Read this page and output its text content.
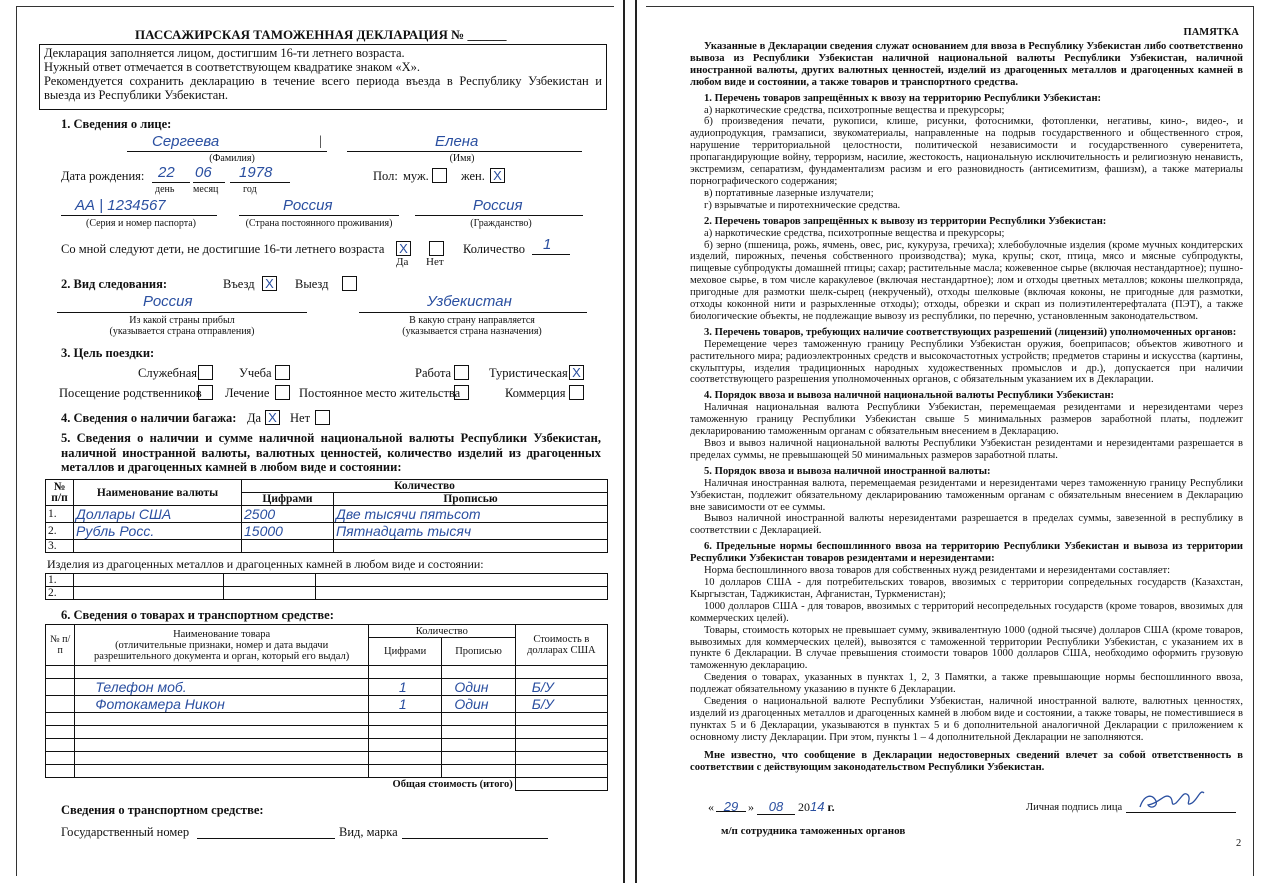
ПАССАЖИРСКАЯ ТАМОЖЕННАЯ ДЕКЛАРАЦИЯ № ______
Декларация заполняется лицом, достигшим 16-ти летнего возраста.
Нужный ответ отмечается в соответствующем квадратике знаком «Х».
Рекомендуется сохранить декларацию в течение всего периода въезда в Республику Узбекистан и выезда из Республики Узбекистан.
1. Сведения о лице:
Сергеева	|	Елена
(Фамилия)	(Имя)
Дата рождения: 22 06 1978
день месяц год
Пол: муж.	жен. X
АА | 1234567	Россия	Россия
(Серия и номер паспорта)	(Страна постоянного проживания)	(Гражданство)
Со мной следуют дети, не достигшие 16-ти летнего возраста X
Да Нет
Количество 1
2. Вид следования:	Въезд X Выезд
Россия	Узбекистан
Из какой страны прибыл
(указывается страна отправления)
В какую страну направляется
(указывается страна назначения)
3. Цель поездки:
Служебная	Учеба	Работа	Туристическая X
Посещение родственников Лечение Постоянное место жительства	Коммерция
4. Сведения о наличии багажа: Да X Нет
5. Сведения о наличии и сумме наличной национальной валюты Республики Узбекистан, наличной иностранной валюты, валютных ценностей, количество изделий из драгоценных металлов и драгоценных камней в любом виде и состоянии:
№ п/п	Наименование валюты	Количество	
		Цифрами	Прописью
1.	Доллары США	2500	Две тысячи пятьсот
2.	Рубль Росс.	15000	Пятнадцать тысяч
3.			
Изделия из драгоценных металлов и драгоценных камней в любом виде и состоянии:
1.			
2.			
6. Сведения о товарах и транспортном средстве:
№ п/п	Наименование товара
(отличительные признаки, номер и дата выдачи разрешительного документа и орган, который его выдал)	Количество		Стоимость в долларах США
		Цифрами	Прописью	

	Телефон моб.	1	Один	Б/У
	Фотокамера Никон	1	Один	Б/У

Общая стоимость (итого)				
Сведения о транспортном средстве:
Государственный номер	Вид, марка
ПАМЯТКА

Указанные в Декларации сведения служат основанием для ввоза в Республику Узбекистан либо соответственно вывоза из Республики Узбекистан наличной национальной валюты Республики Узбекистан, наличной иностранной валюты, других валютных ценностей, изделий из драгоценных металлов и драгоценных камней в любом виде и состоянии, а также товаров и транспортного средства.

1. Перечень товаров запрещённых к ввозу на территорию Республики Узбекистан:

а) наркотические средства, психотропные вещества и прекурсоры;

б) произведения печати, рукописи, клише, рисунки, фотоснимки, фотопленки, негативы, кино-, видео-, и аудиопродукция, грамзаписи, звукоматериалы, направленные на подрыв государственного и общественного строя, нарушение территориальной целостности, политической независимости и государственного суверенитета, пропагандирующие войну, терроризм, насилие, жестокость, национальную исключительность и религиозную ненависть, экстремизм, сепаратизм, фундаментализм расизм и его разновидность (антисемитизм, фашизм), а также материалы порнографического содержания;

в) портативные лазерные излучатели;

г) взрывчатые и пиротехнические средства.

2. Перечень товаров запрещённых к вывозу из территории Республики Узбекистан:

а) наркотические средства, психотропные вещества и прекурсоры;

б) зерно (пшеница, рожь, ячмень, овес, рис, кукуруза, гречиха); хлебобулочные изделия (кроме мучных кондитерских изделий, пирожных, печенья собственного производства); мука, крупы; скот, птица, мясо и мясные субпродукты, пищевые субпродукты домашней птицы; сахар; растительные масла; кожевенное сырье (включая нестандартное); пушно-меховое сырье, в том числе каракулевое (включая нестандартное); лом и отходы цветных металлов; коконы шелкопряда, пригодные для размотки шелк-сырец (некрученый), отходы шелковые (включая коконы, не пригодные для размотки, отходы коконной нити и разрыхленные отходы); отходы, обрезки и скрап из полиэтилентерефталата (ПЭТ), а также биологические объекты, не подлежащие вывозу из республики, по перечню, установленным законодательством.

3. Перечень товаров, требующих наличие соответствующих разрешений (лицензий) уполномоченных органов:

Перемещение через таможенную границу Республики Узбекистан оружия, боеприпасов; объектов животного и растительного мира; радиоэлектронных средств и высокочастотных устройств; предметов старины и искусства (картины, скульптуры, изделия традиционных народных художественных промыслов и др.), допускается при наличии соответствующего разрешения уполномоченных органов, с обязательным указанием их в Декларации.

4. Порядок ввоза и вывоза наличной национальной валюты Республики Узбекистан:

Наличная национальная валюта Республики Узбекистан, перемещаемая резидентами и нерезидентами через таможенную границу Республики Узбекистан свыше 5 минимальных размеров заработной платы, подлежит декларированию таможенным органам с обязательным внесением в Декларацию.

Ввоз и вывоз наличной национальной валюты Республики Узбекистан резидентами и нерезидентами разрешается в пределах суммы, не превышающей 50 минимальных размеров заработной платы.

5. Порядок ввоза и вывоза наличной иностранной валюты:

Наличная иностранная валюта, перемещаемая резидентами и нерезидентами через таможенную границу Республики Узбекистан, подлежит обязательному декларированию таможенным органам с обязательным внесением в Декларацию вне зависимости от ее суммы.

Вывоз наличной иностранной валюты нерезидентами разрешается в пределах суммы, завезенной в республику в соответствии с Декларацией.

6. Предельные нормы беспошлинного ввоза на территорию Республики Узбекистан и вывоза из территории Республики Узбекистан товаров резидентами и нерезидентами:

Норма беспошлинного ввоза товаров для собственных нужд резидентами и нерезидентами составляет:

10 долларов США - для потребительских товаров, ввозимых с территории сопредельных государств (Казахстан, Кыргызстан, Таджикистан, Афганистан, Туркменистан);

1000 долларов США - для товаров, ввозимых с территорий несопредельных государств (кроме товаров, ввозимых для коммерческих целей).

Товары, стоимость которых не превышает сумму, эквивалентную 1000 (одной тысяче) долларов США (кроме товаров, вывозимых для коммерческих целей), вывозятся с таможенной территории Республики Узбекистан, с указанием их в пункте 6 Декларации. В случае превышения стоимости товаров 1000 долларов США, необходимо оформить грузовую таможенную декларацию.

Сведения о товарах, указанных в пунктах 1, 2, 3 Памятки, а также превышающие нормы беспошлинного ввоза, подлежат обязательному указанию в пункте 6 Декларации.

Сведения о национальной валюте Республики Узбекистан, наличной иностранной валюте, валютных ценностях, изделий из драгоценных металлов и драгоценных камней в любом виде и состоянии, а также товары, не поместившиеся в пунктах 5 и 6 Декларации, указываются в пунктах 5 и 6 дополнительной аналогичной Декларации с приложением к основному листу Декларации. При этом, пункты 1 – 4 дополнительной Декларации не заполняются.

Мне известно, что сообщение в Декларации недостоверных сведений влечет за собой ответственность в соответствии с действующим законодательством Республики Узбекистан.

« 29 » 08 2014 г.	Личная подпись лица
м/п сотрудника таможенных органов
2
